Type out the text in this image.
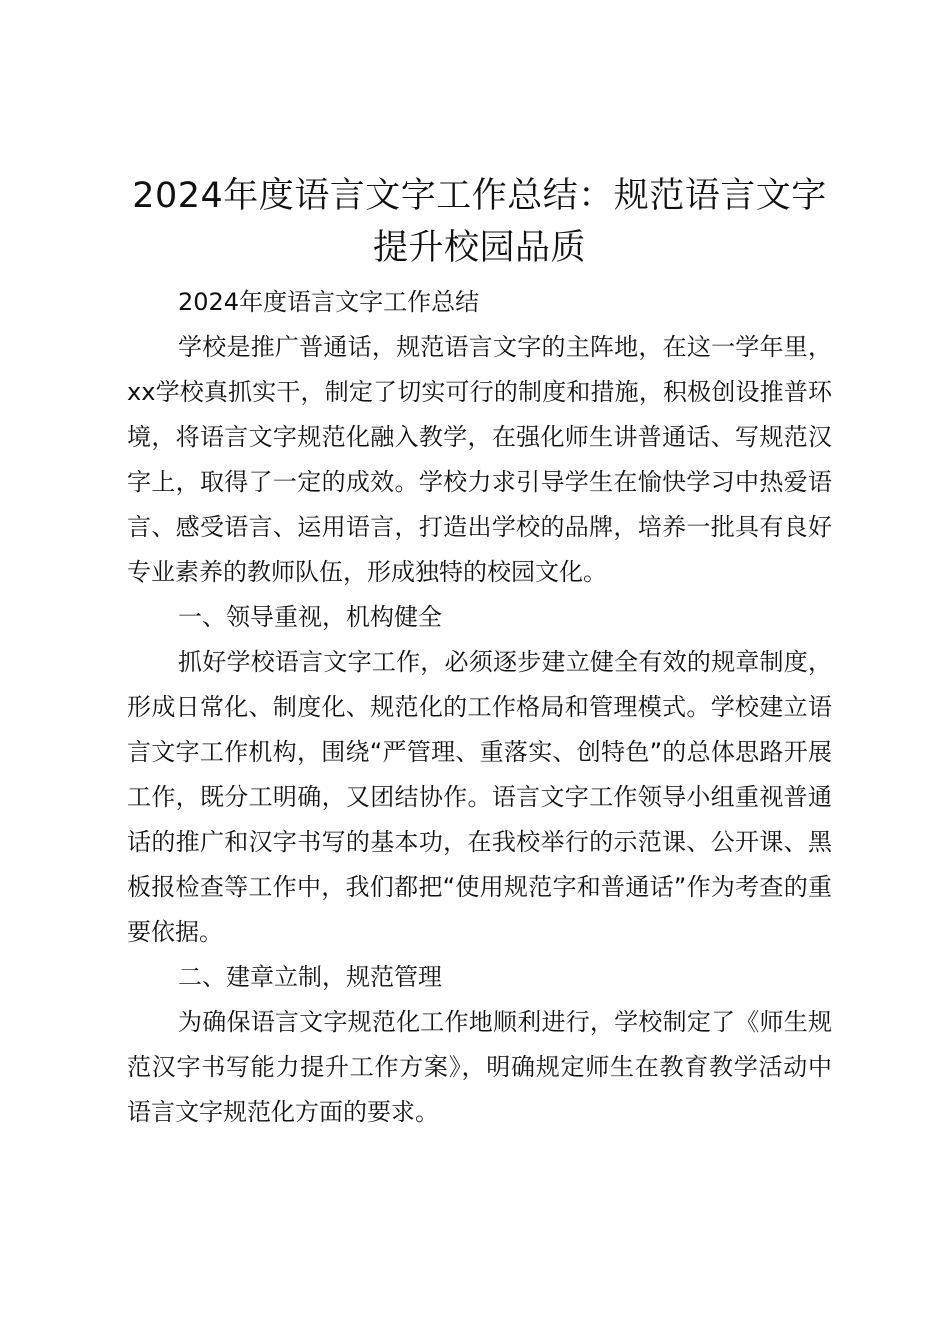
2024年度语言文字工作总结：规范语言文字提升校园品质

2024年度语言文字工作总结

学校是推广普通话，规范语言文字的主阵地，在这一学年里，xx学校真抓实干，制定了切实可行的制度和措施，积极创设推普环境，将语言文字规范化融入教学，在强化师生讲普通话、写规范汉字上，取得了一定的成效。学校力求引导学生在愉快学习中热爱语言、感受语言、运用语言，打造出学校的品牌，培养一批具有良好专业素养的教师队伍，形成独特的校园文化。

一、领导重视，机构健全

抓好学校语言文字工作，必须逐步建立健全有效的规章制度，形成日常化、制度化、规范化的工作格局和管理模式。学校建立语言文字工作机构，围绕“严管理、重落实、创特色”的总体思路开展工作，既分工明确，又团结协作。语言文字工作领导小组重视普通话的推广和汉字书写的基本功，在我校举行的示范课、公开课、黑板报检查等工作中，我们都把“使用规范字和普通话”作为考查的重要依据。

二、建章立制，规范管理

为确保语言文字规范化工作地顺利进行，学校制定了《师生规范汉字书写能力提升工作方案》，明确规定师生在教育教学活动中语言文字规范化方面的要求。
